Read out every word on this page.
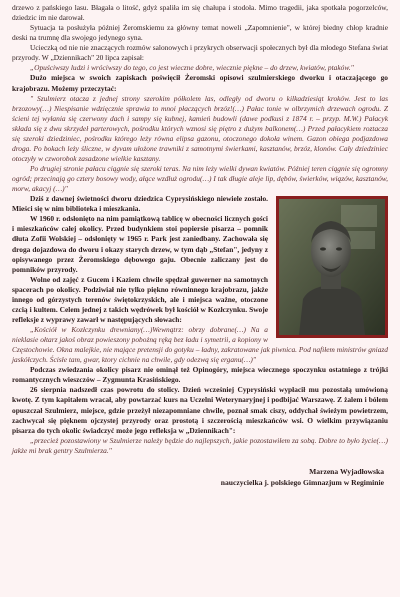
drzewo z pańskiego lasu. Błagała o litość, gdyż spaliła im się chałupa i stodoła. Mimo tragedii, jaka spotkała pogorzelców, dziedzic im nie darował.

Sytuacja ta posłużyła później Żeromskiemu za główny temat noweli „Zapomnienie", w której biedny chłop kradnie deski na trumnę dla swojego jedynego syna.

Ucieczką od nie nie znaczących rozmów salonowych i przykrych obserwacji społecznych był dla młodego Stefana świat przyrody. W „Dziennikach" 20 lipca zapisał:

„Opuściwszy ludzi i wróciwszy do tego, co jest wieczne dobre, wiecznie piękne – do drzew, kwiatów, ptaków."

Dużo miejsca w swoich zapiskach poświęcił Żeromski opisowi szulmierskiego dworku i otaczającego go krajobrazu. Możemy przeczytać:

" Szulmierz otacza z jednej strony szerokim półkolem las, odległy od dworu o kilkadziesiąt kroków. Jest to las brzozowy(…) Niespisanie wdzięcznie sprawia to mnoi płaczących brzóz!(…) Pałac tonie w olbrzymich drzewach ogrodu. Z ścieni tej wyłania się czerwony dach i sampy się kubnej, kamień budowli (dawe podkusi z 1874 r. – przyp. M.W.) Pałacyk składa się z dwu skrzydeł parterowych, pośrodku których wznosi się piętro z dużym balkonem(…) Przed pałacykiem roztacza się szeroki dziedziniec, pośrodku którego leży równa elipsa gazonu, otoczonego dokoła winem. Gazon obiega podjazdowa droga. Po bokach leży śliczne, w dyvam ułożone trawniki z samotnymi świerkami, kasztanów, brzóz, klonów. Cały dziedziniec otoczyły w czworobok zasadzone wielkie kasztany.

Po drugiej stronie pałacu ciągnie się szeroki teras. Na nim leży wielki dywan kwiatów. Później teren ciągnie się ogromny ogród; przecinają go cztery bosowy wody, ałące wzdłuż ogrodu(…) I tak długie aleje lip, dębów, świerków, wiązów, kasztanów, morw, akacyj (…)"

Dziś z dawnej świetności dworu dziedzica Cyprysińskiego niewiele zostało. Mieści się w nim biblioteka i mieszkania.

W 1960 r. odsłonięto na nim pamiątkową tablicę w obecności licznych gości i mieszkańców całej okolicy. Przed budynkiem stoi popiersie pisarza – pomnik dłuta Zofii Wolskiej – odsłonięty w 1965 r. Park jest zaniedbany. Zachowała się droga dojazdowa do dworu i okazy starych drzew, w tym dąb „Stefan", jedyny z opisywanego przez Żeromskiego dębowego gaju. Obecnie zaliczany jest do pomników przyrody.

Wolne od zajęć z Gucem i Kaziem chwile spędzał guwerner na samotnych spacerach po okolicy. Podziwiał nie tylko piękno równinnego krajobrazu, jakże innego od górzystych terenów świętokrzyskich, ale i miejsca ważne, otoczone czcią i kultem. Celem jednej z takich wędrówek był kościół w Kozłczynku. Swoje refleksje z wyprawy zawarł w następujących słowach:

„Kościół w Kozłczynku drewniany(…)Wewnątrz: obrzy dobrane(…) Na a nieklasie ołtarz jakoś obraz powieszony pobożną ręką bez ładu i symetrii, a kopiony w Częstochowie. Okna malejkie, nie mające pretensji do gotyku – ładny, zakratowane jak piwnica. Pod nafiłem ministrów gniazd jaskółczych. Ścisłe tam, gwar, ktory cichnie na chwile, gdy odezwą się erganu(…)"

Podczas zwiedzania okolicy pisarz nie ominął też Opinogóry, miejsca wiecznego spoczynku ostatniego z trójki romantycznych wieszczów – Zygmunta Krasińskiego.

26 sierpnia nadszedł czas powrotu do stolicy. Dzień wcześniej Cyprysiński wypłacił mu pozostałą umówioną kwotę. Z tym kapitałem wracał, aby powtarzać kurs na Uczelni Weterynaryjnej i podbijać Warszawę. Z żalem i bólem opuszczał Szulmierz, miejsce, gdzie przeżył niezapomniane chwile, poznał smak ciszy, oddychał świeżym powietrzem, zachwycał się pięknem ojczystej przyrody oraz prostotą i szczerością mieszkańców wsi. O wielkim przywiązaniu pisarza do tych okolic świadczyć może jego refleksja w „Dziennikach":

„przecież pozostawiony w Szulmierze należy będzie do najlepszych, jakie pozostawiłem za sobą. Dobre to było życie(…) jakże mi brak gentry Szulmierza."

Marzena Wyjadłowska
nauczycielka j. polskiego Gimnazjum w Regiminie
